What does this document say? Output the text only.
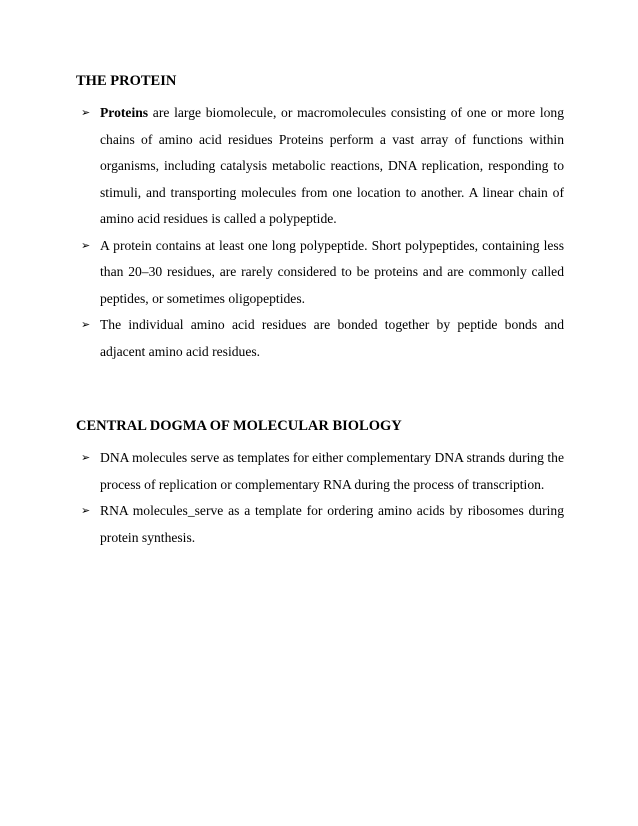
THE PROTEIN
➢ Proteins are large biomolecule, or macromolecules consisting of one or more long chains of amino acid residues Proteins perform a vast array of functions within organisms, including catalysis metabolic reactions, DNA replication, responding to stimuli, and transporting molecules from one location to another. A linear chain of amino acid residues is called a polypeptide.
➢ A protein contains at least one long polypeptide. Short polypeptides, containing less than 20–30 residues, are rarely considered to be proteins and are commonly called peptides, or sometimes oligopeptides.
➢ The individual amino acid residues are bonded together by peptide bonds and adjacent amino acid residues.
CENTRAL DOGMA OF MOLECULAR BIOLOGY
➢ DNA molecules serve as templates for either complementary DNA strands during the process of replication or complementary RNA during the process of transcription.
➢ RNA molecules_serve as a template for ordering amino acids by ribosomes during protein synthesis.
